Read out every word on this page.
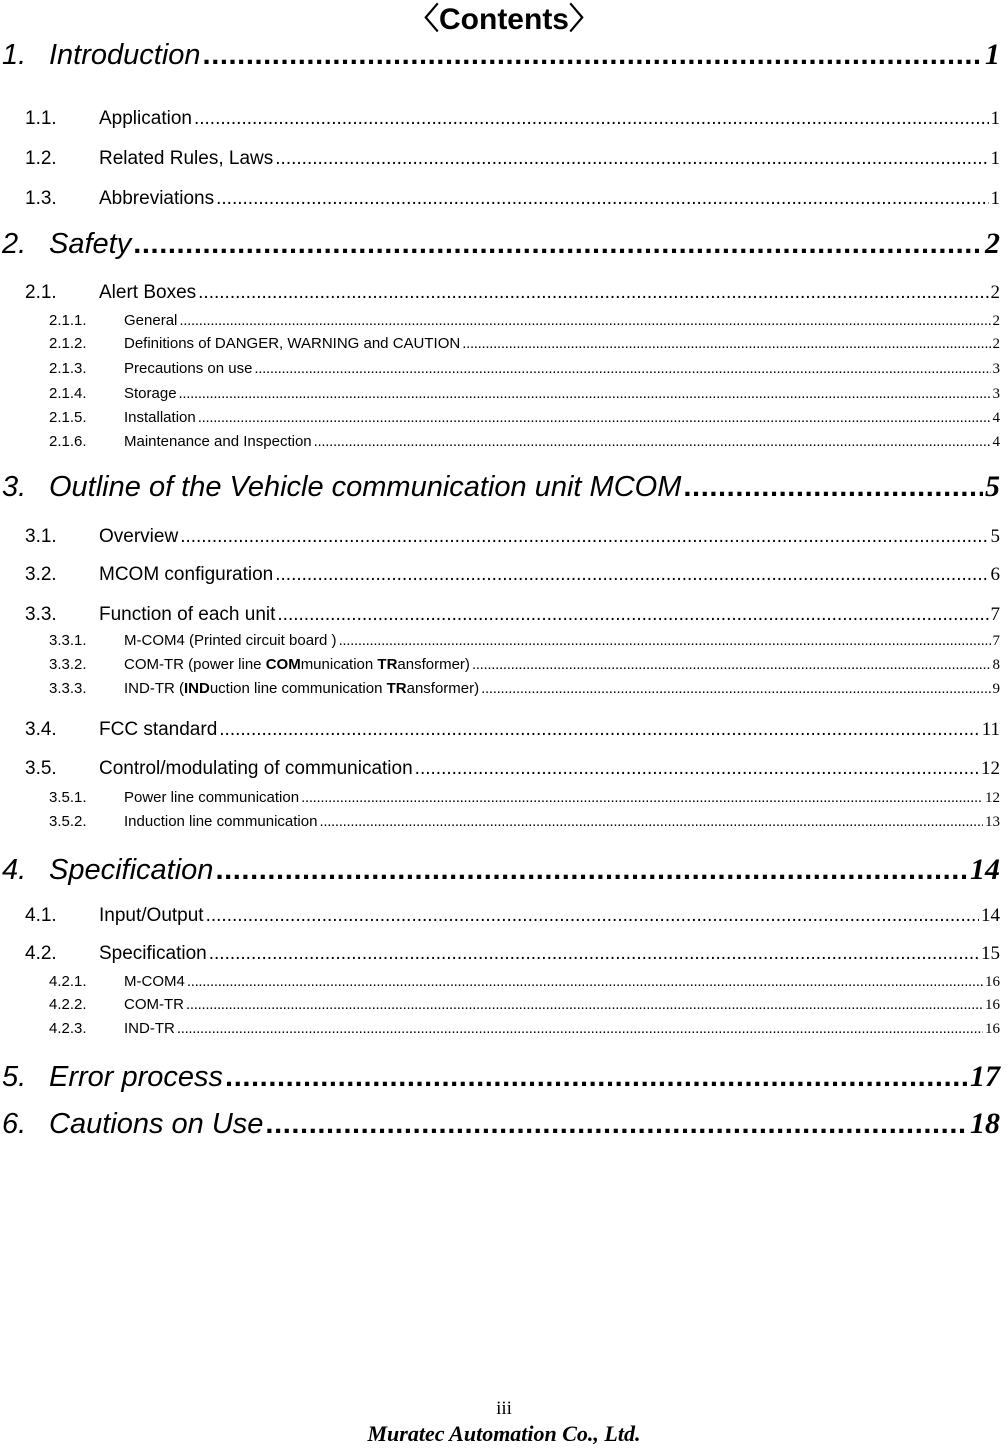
〈Contents〉
1. Introduction .....	1
1.1.	Application .....	1
1.2.	Related Rules, Laws .....	1
1.3.	Abbreviations .....	1
2. Safety .....	2
2.1.	Alert Boxes .....	2
2.1.1.	General .....	2
2.1.2.	Definitions of DANGER, WARNING and CAUTION .....	2
2.1.3.	Precautions on use .....	3
2.1.4.	Storage .....	3
2.1.5.	Installation .....	4
2.1.6.	Maintenance and Inspection .....	4
3. Outline of the Vehicle communication unit MCOM .....	5
3.1.	Overview .....	5
3.2.	MCOM configuration .....	6
3.3.	Function of each unit .....	7
3.3.1.	M-COM4 (Printed circuit board ) .....	7
3.3.2.	COM-TR (power line COMmunication TRansformer) .....	8
3.3.3.	IND-TR (INDuction line communication TRansformer) .....	9
3.4.	FCC standard .....	11
3.5.	Control/modulating of communication .....	12
3.5.1.	Power line communication .....	12
3.5.2.	Induction line communication .....	13
4. Specification .....	14
4.1.	Input/Output .....	14
4.2.	Specification .....	15
4.2.1.	M-COM4 .....	16
4.2.2.	COM-TR .....	16
4.2.3.	IND-TR .....	16
5. Error process .....	17
6. Cautions on Use .....	18
iii
Muratec Automation Co., Ltd.
